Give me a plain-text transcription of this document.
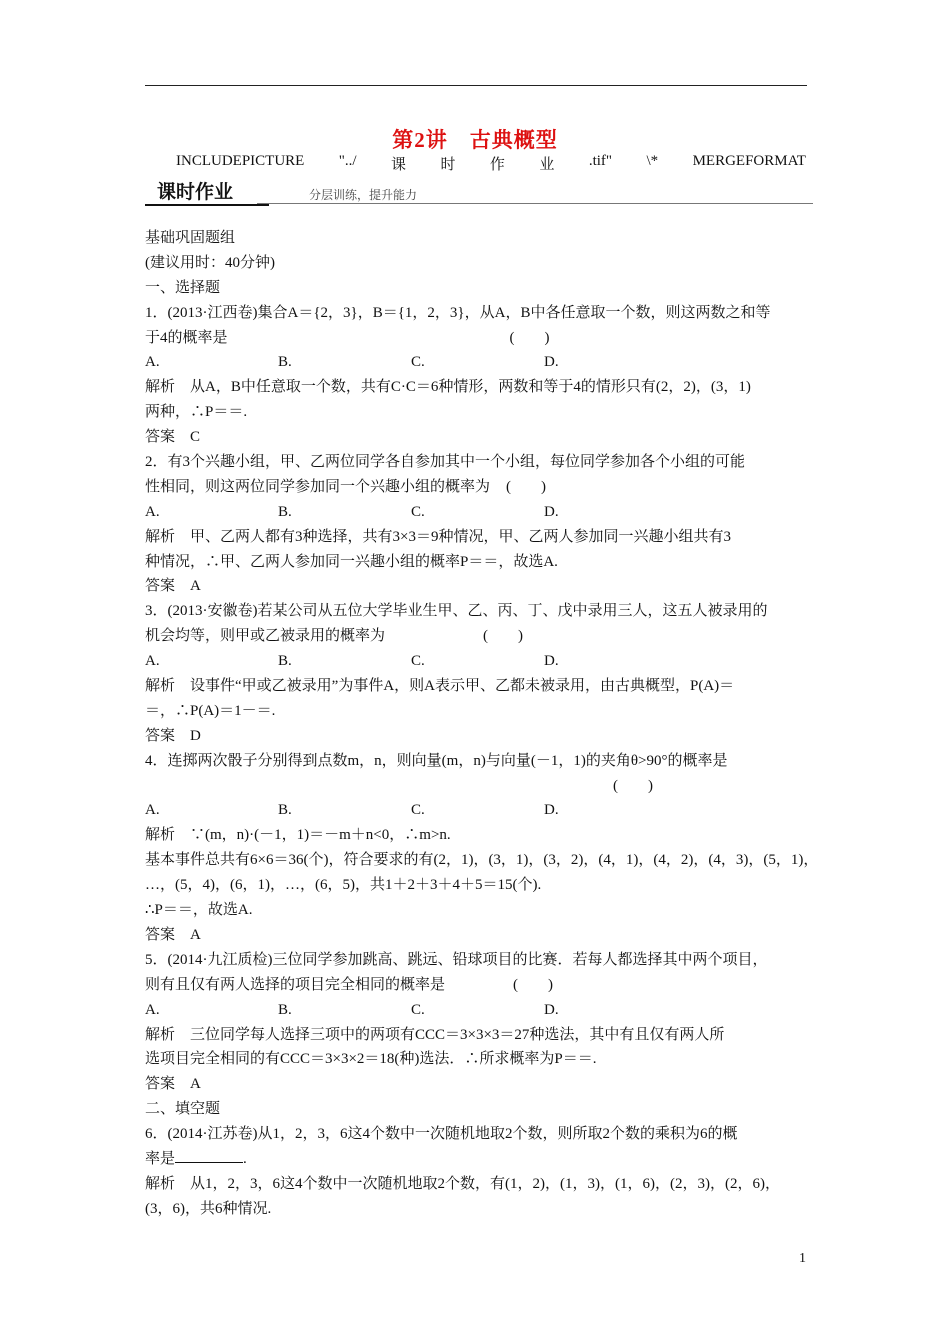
第2讲　古典概型
INCLUDEPICTURE "../ 课 时 作 业 .tif" \* MERGEFORMAT
课时作业	分层训练，提升能力
基础巩固题组
(建议用时：40分钟)
一、选择题
1．(2013·江西卷)集合A＝{2，3}，B＝{1，2，3}，从A，B中各任意取一个数，则这两数之和等
于4的概率是	(　　)
A.	B.	C.	D.
解析　从A，B中任意取一个数，共有C·C＝6种情形，两数和等于4的情形只有(2，2)，(3，1)
两种，∴P＝＝.
答案　C
2．有3个兴趣小组，甲、乙两位同学各自参加其中一个小组，每位同学参加各个小组的可能
性相同，则这两位同学参加同一个兴趣小组的概率为 (　　)
A.	B.	C.	D.
解析　甲、乙两人都有3种选择，共有3×3＝9种情况，甲、乙两人参加同一兴趣小组共有3
种情况，∴甲、乙两人参加同一兴趣小组的概率P＝＝，故选A.
答案　A
3．(2013·安徽卷)若某公司从五位大学毕业生甲、乙、丙、丁、戊中录用三人，这五人被录用的
机会均等，则甲或乙被录用的概率为	(　　)
A.	B.	C.	D.
解析　设事件“甲或乙被录用”为事件A，则A表示甲、乙都未被录用，由古典概型，P(A)＝
＝，∴P(A)＝1－＝.
答案　D
4．连掷两次骰子分别得到点数m，n，则向量(m，n)与向量(－1，1)的夹角θ>90°的概率是
(　　)
A.	B.	C.	D.
解析　∵(m，n)·(－1，1)＝－m＋n<0，∴m>n.
基本事件总共有6×6＝36(个)，符合要求的有(2，1)，(3，1)，(3，2)，(4，1)，(4，2)，(4，3)，(5，1)，
…，(5，4)，(6，1)，…，(6，5)，共1＋2＋3＋4＋5＝15(个).
∴P＝＝，故选A.
答案　A
5．(2014·九江质检)三位同学参加跳高、跳远、铅球项目的比赛．若每人都选择其中两个项目，
则有且仅有两人选择的项目完全相同的概率是	(　　)
A.	B.	C.	D.
解析　三位同学每人选择三项中的两项有CCC＝3×3×3＝27种选法，其中有且仅有两人所
选项目完全相同的有CCC＝3×3×2＝18(种)选法．∴所求概率为P＝＝.
答案　A
二、填空题
6．(2014·江苏卷)从1，2，3，6这4个数中一次随机地取2个数，则所取2个数的乘积为6的概
率是	.
解析　从1，2，3，6这4个数中一次随机地取2个数，有(1，2)，(1，3)，(1，6)，(2，3)，(2，6)，
(3，6)，共6种情况.
1
